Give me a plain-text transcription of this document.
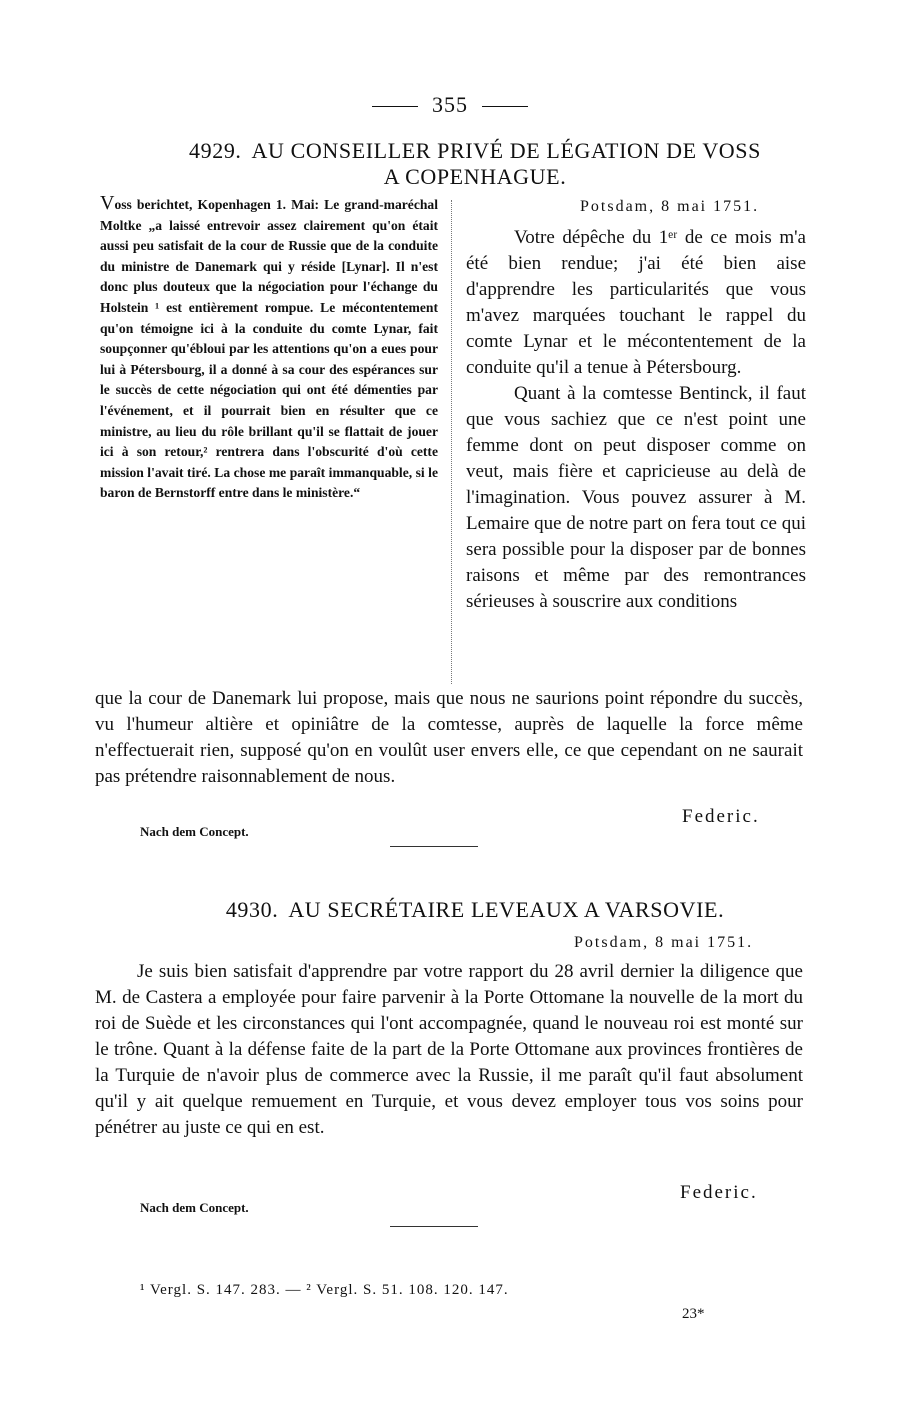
355
4929. AU CONSEILLER PRIVÉ DE LÉGATION DE VOSS
A COPENHAGUE.
Voss berichtet, Kopenhagen 1. Mai: Le grand-maréchal Moltke „a laissé entrevoir assez clairement qu'on était aussi peu satisfait de la cour de Russie que de la conduite du ministre de Danemark qui y réside [Lynar]. Il n'est donc plus douteux que la négociation pour l'échange du Holstein ¹ est entièrement rompue. Le mécontentement qu'on témoigne ici à la conduite du comte Lynar, fait soupçonner qu'ébloui par les attentions qu'on a eues pour lui à Pétersbourg, il a donné à sa cour des espérances sur le succès de cette négociation qui ont été démenties par l'événement, et il pourrait bien en résulter que ce ministre, au lieu du rôle brillant qu'il se flattait de jouer ici à son retour,² rentrera dans l'obscurité d'où cette mission l'avait tiré. La chose me paraît immanquable, si le baron de Bernstorff entre dans le ministère.“
Potsdam, 8 mai 1751.

Votre dépêche du 1ᵉʳ de ce mois m'a été bien rendue; j'ai été bien aise d'apprendre les particularités que vous m'avez marquées touchant le rappel du comte Lynar et le mécontentement de la conduite qu'il a tenue à Pétersbourg.

Quant à la comtesse Bentinck, il faut que vous sachiez que ce n'est point une femme dont on peut disposer comme on veut, mais fière et capricieuse au delà de l'imagination. Vous pouvez assurer à M. Lemaire que de notre part on fera tout ce qui sera possible pour la disposer par de bonnes raisons et même par des remontrances sérieuses à souscrire aux conditions

que la cour de Danemark lui propose, mais que nous ne saurions point répondre du succès, vu l'humeur altière et opiniâtre de la comtesse, auprès de laquelle la force même n'effectuerait rien, supposé qu'on en voulût user envers elle, ce que cependant on ne saurait pas prétendre raisonnablement de nous.

Federic.
Nach dem Concept.
4930. AU SECRÉTAIRE LEVEAUX A VARSOVIE.
Potsdam, 8 mai 1751.

Je suis bien satisfait d'apprendre par votre rapport du 28 avril dernier la diligence que M. de Castera a employée pour faire parvenir à la Porte Ottomane la nouvelle de la mort du roi de Suède et les circonstances qui l'ont accompagnée, quand le nouveau roi est monté sur le trône. Quant à la défense faite de la part de la Porte Ottomane aux provinces frontières de la Turquie de n'avoir plus de commerce avec la Russie, il me paraît qu'il faut absolument qu'il y ait quelque remuement en Turquie, et vous devez employer tous vos soins pour pénétrer au juste ce qui en est.

Federic.
Nach dem Concept.
¹ Vergl. S. 147. 283. — ² Vergl. S. 51. 108. 120. 147.
23*
